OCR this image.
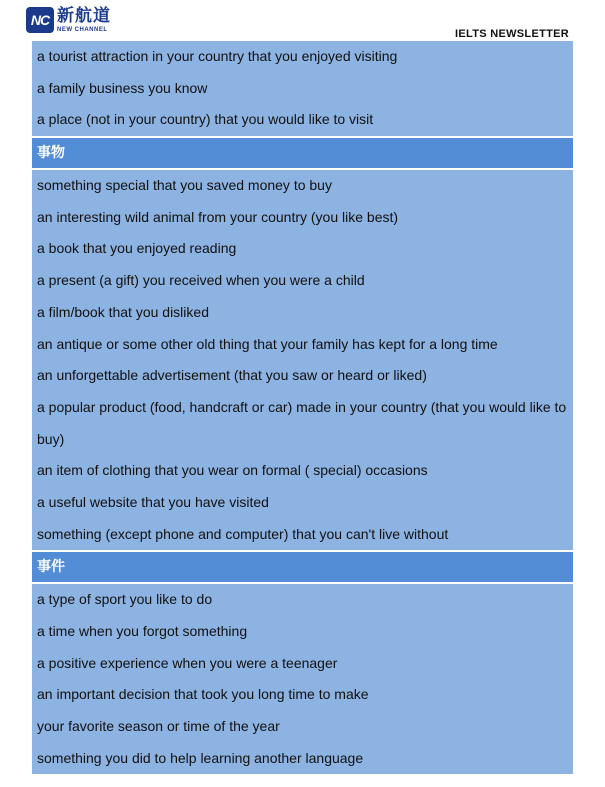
NC 新航道
NEW CHANNEL	IELTS NEWSLETTER
a tourist attraction in your country that you enjoyed visiting
a family business you know
a place (not in your country) that you would like to visit
事物
something special that you saved money to buy
an interesting wild animal from your country (you like best)
a book that you enjoyed reading
a present (a gift) you received when you were a child
a film/book that you disliked
an antique or some other old thing that your family has kept for a long time
an unforgettable advertisement (that you saw or heard or liked)
a popular product (food, handcraft or car) made in your country (that you would like to
buy)
an item of clothing that you wear on formal ( special) occasions
a useful website that you have visited
something (except phone and computer) that you can't live without
事件
a type of sport you like to do
a time when you forgot something
a positive experience when you were a teenager
an important decision that took you long time to make
your favorite season or time of the year
something you did to help learning another language
